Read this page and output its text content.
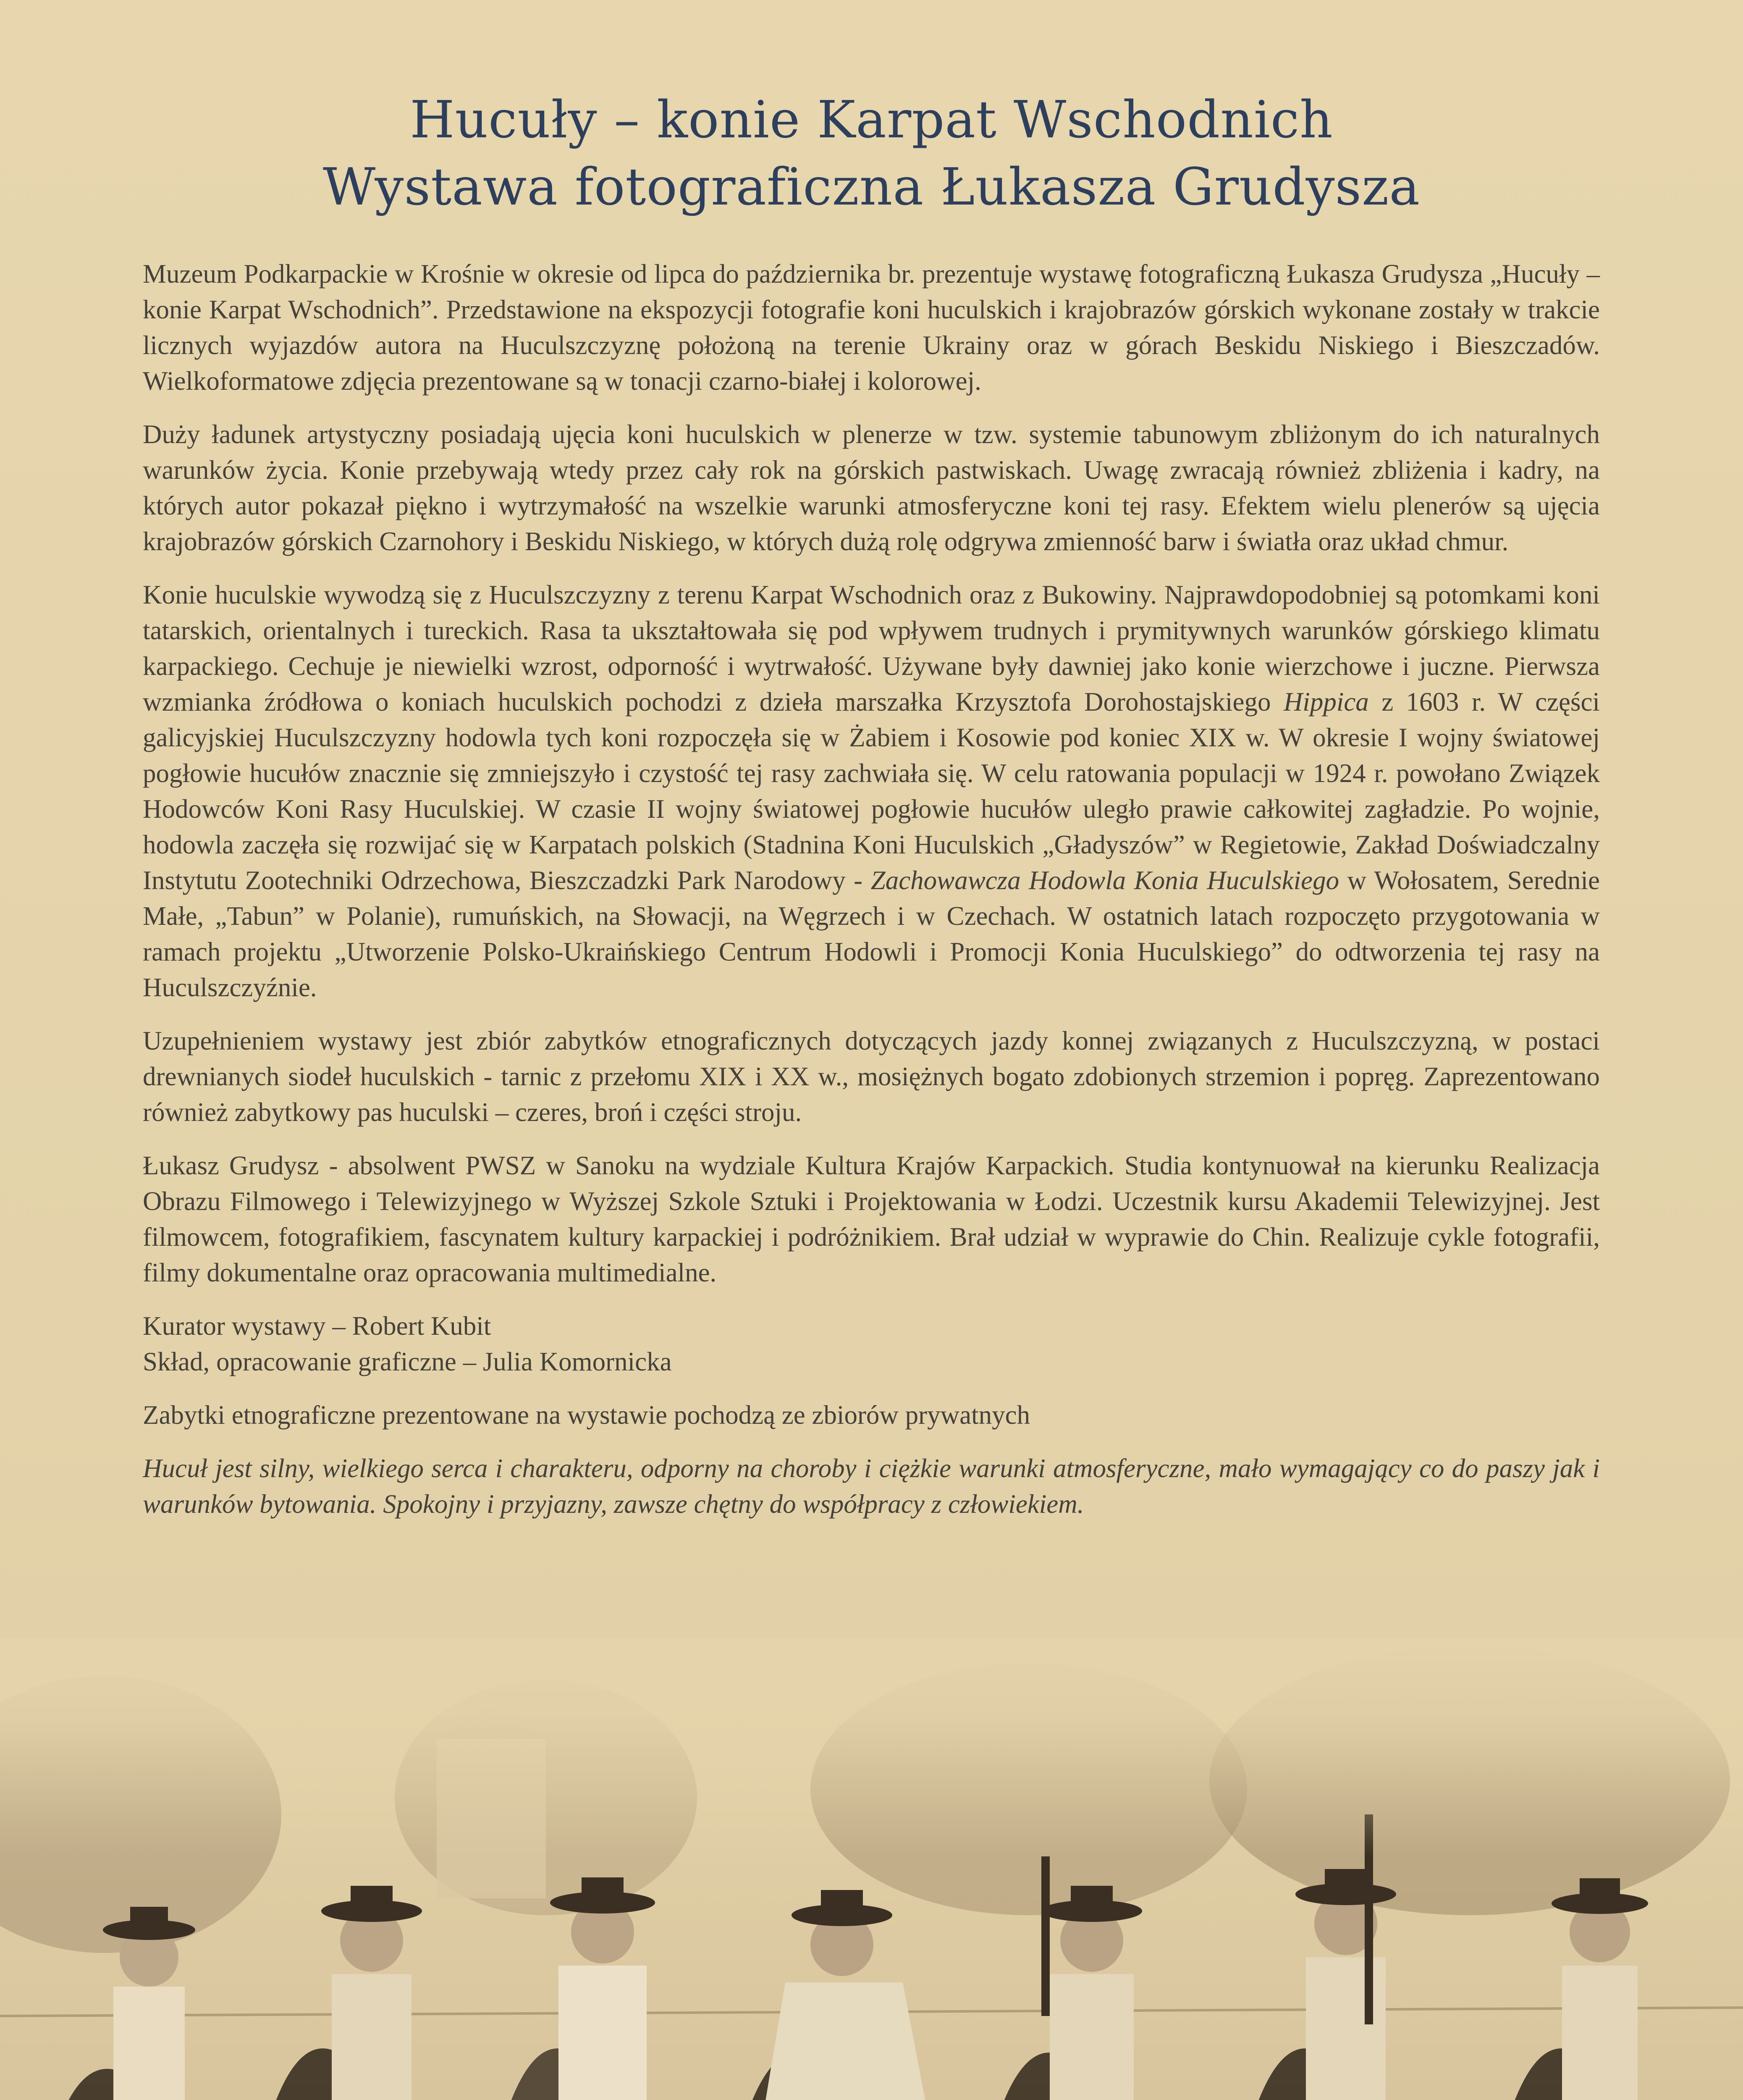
Hucuły – konie Karpat Wschodnich
Wystawa fotograficzna Łukasza Grudysza

Muzeum Podkarpackie w Krośnie w okresie od lipca do października br. prezentuje wystawę fotograficzną Łukasza Grudysza „Hucuły – konie Karpat Wschodnich”. Przedstawione na ekspozycji fotografie koni huculskich i krajobrazów górskich wykonane zostały w trakcie licznych wyjazdów autora na Huculszczyznę położoną na terenie Ukrainy oraz w górach Beskidu Niskiego i Bieszczadów. Wielkoformatowe zdjęcia prezentowane są w tonacji czarno-białej i kolorowej.

Duży ładunek artystyczny posiadają ujęcia koni huculskich w plenerze w tzw. systemie tabunowym zbliżonym do ich naturalnych warunków życia. Konie przebywają wtedy przez cały rok na górskich pastwiskach. Uwagę zwracają również zbliżenia i kadry, na których autor pokazał piękno i wytrzymałość na wszelkie warunki atmosferyczne koni tej rasy. Efektem wielu plenerów są ujęcia krajobrazów górskich Czarnohory i Beskidu Niskiego, w których dużą rolę odgrywa zmienność barw i światła oraz układ chmur.

Konie huculskie wywodzą się z Huculszczyzny z terenu Karpat Wschodnich oraz z Bukowiny. Najprawdopodobniej są potomkami koni tatarskich, orientalnych i tureckich. Rasa ta ukształtowała się pod wpływem trudnych i prymitywnych warunków górskiego klimatu karpackiego. Cechuje je niewielki wzrost, odporność i wytrwałość. Używane były dawniej jako konie wierzchowe i juczne. Pierwsza wzmianka źródłowa o koniach huculskich pochodzi z dzieła marszałka Krzysztofa Dorohostajskiego Hippica z 1603 r. W części galicyjskiej Huculszczyzny hodowla tych koni rozpoczęła się w Żabiem i Kosowie pod koniec XIX w. W okresie I wojny światowej pogłowie hucułów znacznie się zmniejszyło i czystość tej rasy zachwiała się. W celu ratowania populacji w 1924 r. powołano Związek Hodowców Koni Rasy Huculskiej. W czasie II wojny światowej pogłowie hucułów uległo prawie całkowitej zagładzie. Po wojnie, hodowla zaczęła się rozwijać się w Karpatach polskich (Stadnina Koni Huculskich „Gładyszów” w Regietowie, Zakład Doświadczalny Instytutu Zootechniki Odrzechowa, Bieszczadzki Park Narodowy - Zachowawcza Hodowla Konia Huculskiego w Wołosatem, Serednie Małe, „Tabun” w Polanie), rumuńskich, na Słowacji, na Węgrzech i w Czechach. W ostatnich latach rozpoczęto przygotowania w ramach projektu „Utworzenie Polsko-Ukraińskiego Centrum Hodowli i Promocji Konia Huculskiego” do odtworzenia tej rasy na Huculszczyźnie.

Uzupełnieniem wystawy jest zbiór zabytków etnograficznych dotyczących jazdy konnej związanych z Huculszczyzną, w postaci drewnianych siodeł huculskich - tarnic z przełomu XIX i XX w., mosiężnych bogato zdobionych strzemion i popręg. Zaprezentowano również zabytkowy pas huculski – czeres, broń i części stroju.

Łukasz Grudysz - absolwent PWSZ w Sanoku na wydziale Kultura Krajów Karpackich. Studia kontynuował na kierunku Realizacja Obrazu Filmowego i Telewizyjnego w Wyższej Szkole Sztuki i Projektowania w Łodzi. Uczestnik kursu Akademii Telewizyjnej. Jest filmowcem, fotografikiem, fascynatem kultury karpackiej i podróżnikiem. Brał udział w wyprawie do Chin. Realizuje cykle fotografii, filmy dokumentalne oraz opracowania multimedialne.

Kurator wystawy – Robert Kubit
Skład, opracowanie graficzne – Julia Komornicka

Zabytki etnograficzne prezentowane na wystawie pochodzą ze zbiorów prywatnych

Hucuł jest silny, wielkiego serca i charakteru, odporny na choroby i ciężkie warunki atmosferyczne, mało wymagający co do paszy jak i warunków bytowania. Spokojny i przyjazny, zawsze chętny do współpracy z człowiekiem.
